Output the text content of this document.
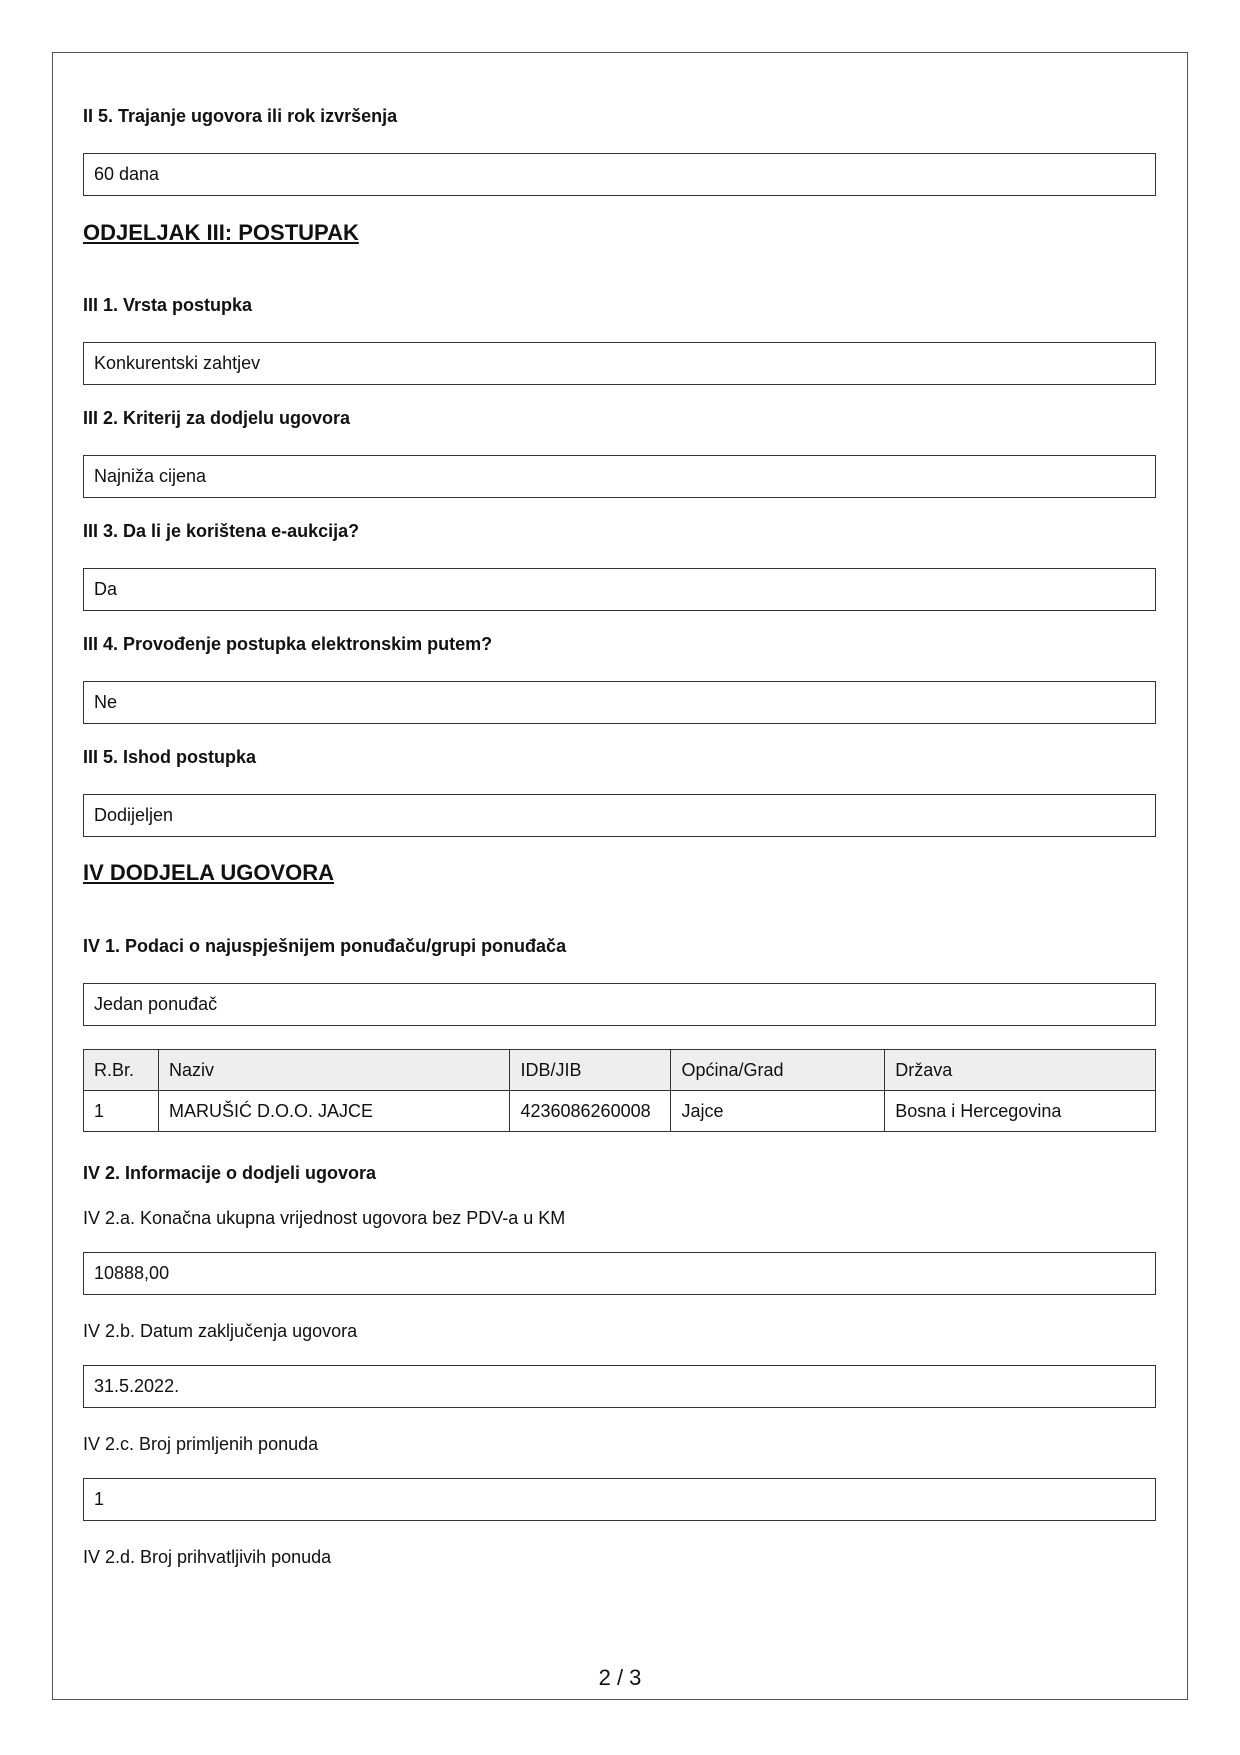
II 5. Trajanje ugovora ili rok izvršenja
60 dana
ODJELJAK III: POSTUPAK
III 1. Vrsta postupka
Konkurentski zahtjev
III 2. Kriterij za dodjelu ugovora
Najniža cijena
III 3. Da li je korištena e-aukcija?
Da
III 4. Provođenje postupka elektronskim putem?
Ne
III 5. Ishod postupka
Dodijeljen
IV DODJELA UGOVORA
IV 1. Podaci o najuspješnijem ponuđaču/grupi ponuđača
Jedan ponuđač
R.Br.	Naziv	IDB/JIB	Općina/Grad	Država
1	MARUŠIĆ D.O.O. JAJCE	4236086260008	Jajce	Bosna i Hercegovina
IV 2. Informacije o dodjeli ugovora
IV 2.a. Konačna ukupna vrijednost ugovora bez PDV-a u KM
10888,00
IV 2.b. Datum zaključenja ugovora
31.5.2022.
IV 2.c. Broj primljenih ponuda
1
IV 2.d. Broj prihvatljivih ponuda
2 / 3
